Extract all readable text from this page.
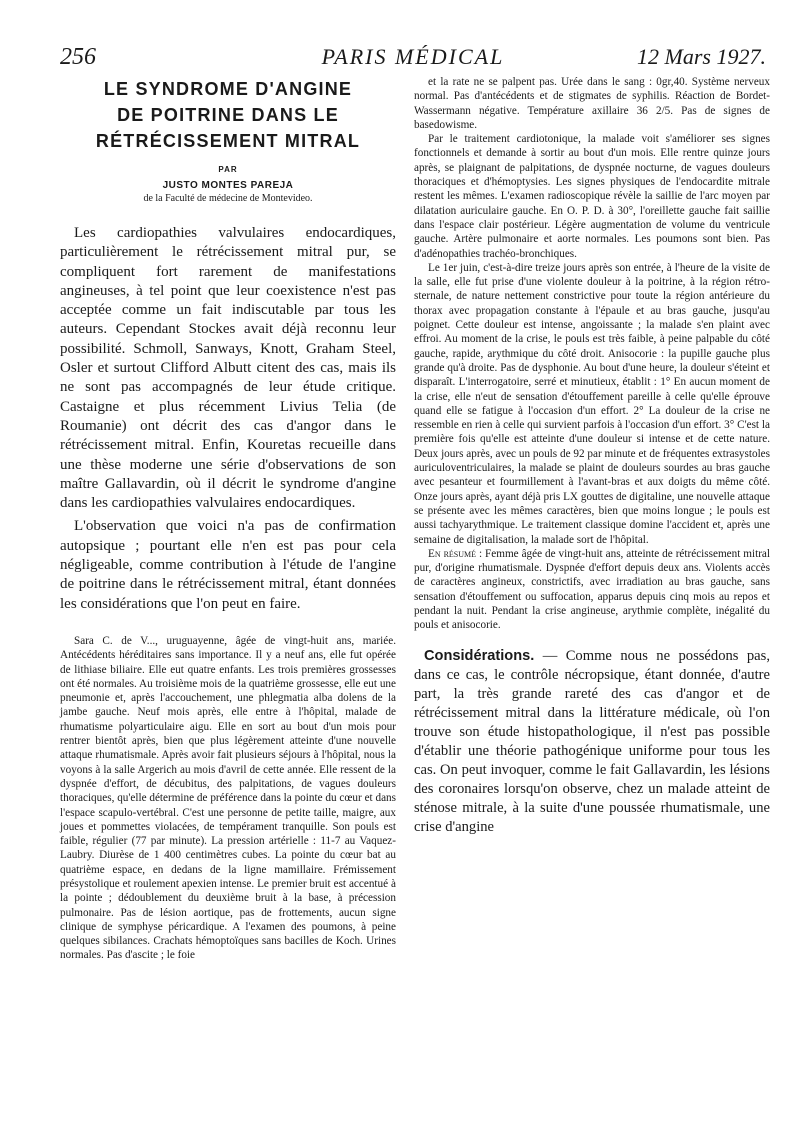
256	PARIS MÉDICAL	12 Mars 1927.

LE SYNDROME D'ANGINE

DE POITRINE DANS LE

RÉTRÉCISSEMENT MITRAL

PAR

JUSTO MONTES PAREJA

de la Faculté de médecine de Montevideo.

Les cardiopathies valvulaires endocardiques, particulièrement le rétrécissement mitral pur, se compliquent fort rarement de manifestations angineuses, à tel point que leur coexistence n'est pas acceptée comme un fait indiscutable par tous les auteurs. Cependant Stockes avait déjà reconnu leur possibilité. Schmoll, Sanways, Knott, Graham Steel, Osler et surtout Clifford Albutt citent des cas, mais ils ne sont pas accompagnés de leur étude critique. Castaigne et plus récemment Livius Telia (de Roumanie) ont décrit des cas d'angor dans le rétrécissement mitral. Enfin, Kouretas recueille dans une thèse moderne une série d'observations de son maître Gallavardin, où il décrit le syndrome d'angine dans les cardiopathies valvulaires endocardiques.

L'observation que voici n'a pas de confirmation autopsique ; pourtant elle n'en est pas pour cela négligeable, comme contribution à l'étude de l'angine de poitrine dans le rétrécissement mitral, étant données les considérations que l'on peut en faire.

Sara C. de V..., uruguayenne, âgée de vingt-huit ans, mariée. Antécédents héréditaires sans importance. Il y a neuf ans, elle fut opérée de lithiase biliaire. Elle eut quatre enfants. Les trois premières grossesses ont été normales. Au troisième mois de la quatrième grossesse, elle eut une pneumonie et, après l'accouchement, une phlegmatia alba dolens de la jambe gauche. Neuf mois après, elle entre à l'hôpital, malade de rhumatisme polyarticulaire aigu. Elle en sort au bout d'un mois pour rentrer bientôt après, bien que plus légèrement atteinte d'une nouvelle attaque rhumatismale. Après avoir fait plusieurs séjours à l'hôpital, nous la voyons à la salle Argerich au mois d'avril de cette année. Elle ressent de la dyspnée d'effort, de décubitus, des palpitations, de vagues douleurs thoraciques, qu'elle détermine de préférence dans la pointe du cœur et dans l'espace scapulo-vertébral. C'est une personne de petite taille, maigre, aux joues et pommettes violacées, de tempérament tranquille. Son pouls est faible, régulier (77 par minute). La pression artérielle : 11-7 au Vaquez-Laubry. Diurèse de 1 400 centimètres cubes. La pointe du cœur bat au quatrième espace, en dedans de la ligne mamillaire. Frémissement présystolique et roulement apexien intense. Le premier bruit est accentué à la pointe ; dédoublement du deuxième bruit à la base, à précession pulmonaire. Pas de lésion aortique, pas de frottements, aucun signe clinique de symphyse péricardique. A l'examen des poumons, à peine quelques sibilances. Crachats hémoptoïques sans bacilles de Koch. Urines normales. Pas d'ascite ; le foie

et la rate ne se palpent pas. Urée dans le sang : 0gr,40. Système nerveux normal. Pas d'antécédents et de stigmates de syphilis. Réaction de Bordet-Wassermann négative. Température axillaire 36 2/5. Pas de signes de basedowisme.

Par le traitement cardiotonique, la malade voit s'améliorer ses signes fonctionnels et demande à sortir au bout d'un mois. Elle rentre quinze jours après, se plaignant de palpitations, de dyspnée nocturne, de vagues douleurs thoraciques et d'hémoptysies. Les signes physiques de l'endocardite mitrale restent les mêmes. L'examen radioscopique révèle la saillie de l'arc moyen par dilatation auriculaire gauche. En O. P. D. à 30°, l'oreillette gauche fait saillie dans l'espace clair postérieur. Légère augmentation de volume du ventricule gauche. Artère pulmonaire et aorte normales. Les poumons sont bien. Pas d'adénopathies trachéo-bronchiques.

Le 1er juin, c'est-à-dire treize jours après son entrée, à l'heure de la visite de la salle, elle fut prise d'une violente douleur à la poitrine, à la région rétro-sternale, de nature nettement constrictive pour toute la région antérieure du thorax avec propagation constante à l'épaule et au bras gauche, jusqu'au poignet. Cette douleur est intense, angoissante ; la malade s'en plaint avec effroi. Au moment de la crise, le pouls est très faible, à peine palpable du côté gauche, rapide, arythmique du côté droit. Anisocorie : la pupille gauche plus grande qu'à droite. Pas de dysphonie. Au bout d'une heure, la douleur s'éteint et disparaît. L'interrogatoire, serré et minutieux, établit : 1° En aucun moment de la crise, elle n'eut de sensation d'étouffement pareille à celle qu'elle éprouve quand elle se fatigue à l'occasion d'un effort. 2° La douleur de la crise ne ressemble en rien à celle qui survient parfois à l'occasion d'un effort. 3° C'est la première fois qu'elle est atteinte d'une douleur si intense et de cette nature. Deux jours après, avec un pouls de 92 par minute et de fréquentes extrasystoles auriculoventriculaires, la malade se plaint de douleurs sourdes au bras gauche avec pesanteur et fourmillement à l'avant-bras et aux doigts du même côté. Onze jours après, ayant déjà pris LX gouttes de digitaline, une nouvelle attaque se présente avec les mêmes caractères, bien que moins longue ; le pouls est aussi tachyarythmique. Le traitement classique domine l'accident et, après une semaine de digitalisation, la malade sort de l'hôpital.

En résumé : Femme âgée de vingt-huit ans, atteinte de rétrécissement mitral pur, d'origine rhumatismale. Dyspnée d'effort depuis deux ans. Violents accès de caractères angineux, constrictifs, avec irradiation au bras gauche, sans sensation d'étouffement ou suffocation, apparus depuis cinq mois au repos et pendant la nuit. Pendant la crise angineuse, arythmie complète, inégalité du pouls et anisocorie.

Considérations. — Comme nous ne possédons pas, dans ce cas, le contrôle nécropsique, étant donnée, d'autre part, la très grande rareté des cas d'angor et de rétrécissement mitral dans la littérature médicale, où l'on trouve son étude histopathologique, il n'est pas possible d'établir une théorie pathogénique uniforme pour tous les cas. On peut invoquer, comme le fait Gallavardin, les lésions des coronaires lorsqu'on observe, chez un malade atteint de sténose mitrale, à la suite d'une poussée rhumatismale, une crise d'angine
